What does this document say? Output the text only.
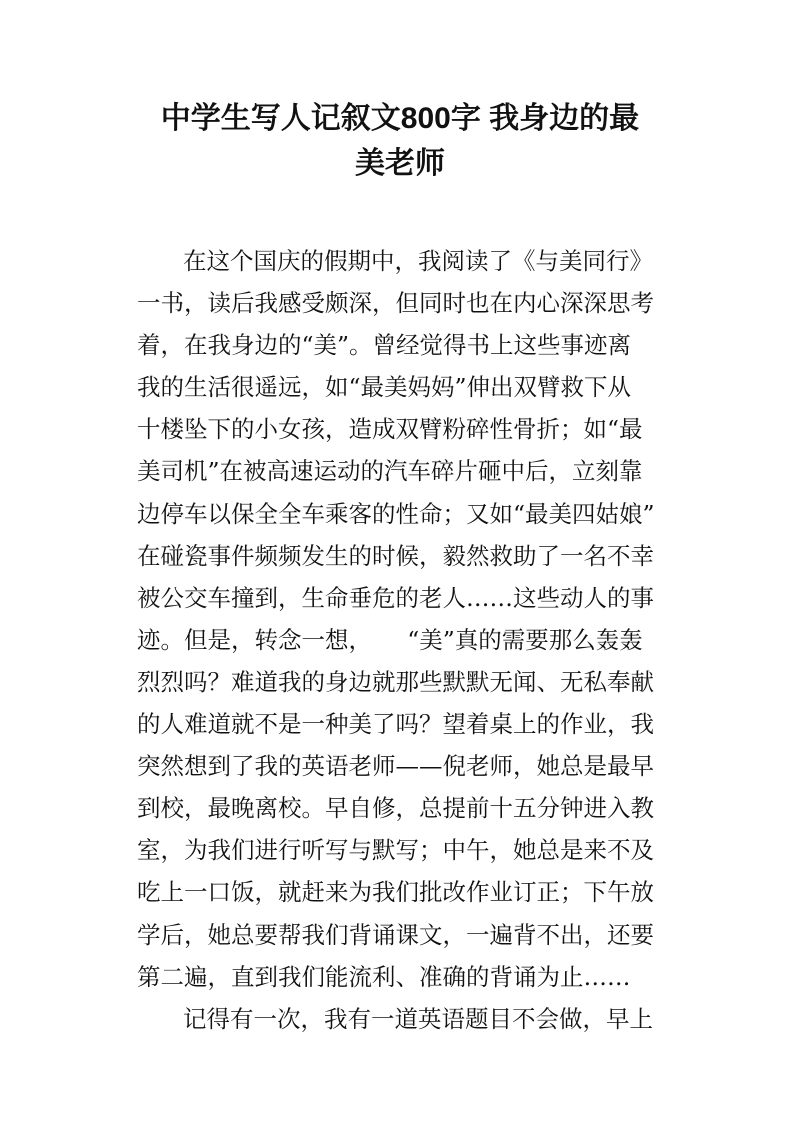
中学生写人记叙文800字 我身边的最
美老师
在这个国庆的假期中，我阅读了《与美同行》
一书，读后我感受颇深，但同时也在内心深深思考
着，在我身边的“美”。曾经觉得书上这些事迹离
我的生活很遥远，如“最美妈妈”伸出双臂救下从
十楼坠下的小女孩，造成双臂粉碎性骨折；如“最
美司机”在被高速运动的汽车碎片砸中后，立刻靠
边停车以保全全车乘客的性命；又如“最美四姑娘”
在碰瓷事件频频发生的时候，毅然救助了一名不幸
被公交车撞到，生命垂危的老人……这些动人的事
迹。但是，转念一想，　　“美”真的需要那么轰轰
烈烈吗？难道我的身边就那些默默无闻、无私奉献
的人难道就不是一种美了吗？望着桌上的作业，我
突然想到了我的英语老师——倪老师，她总是最早
到校，最晚离校。早自修，总提前十五分钟进入教
室，为我们进行听写与默写；中午，她总是来不及
吃上一口饭，就赶来为我们批改作业订正；下午放
学后，她总要帮我们背诵课文，一遍背不出，还要
第二遍，直到我们能流利、准确的背诵为止……
记得有一次，我有一道英语题目不会做，早上
